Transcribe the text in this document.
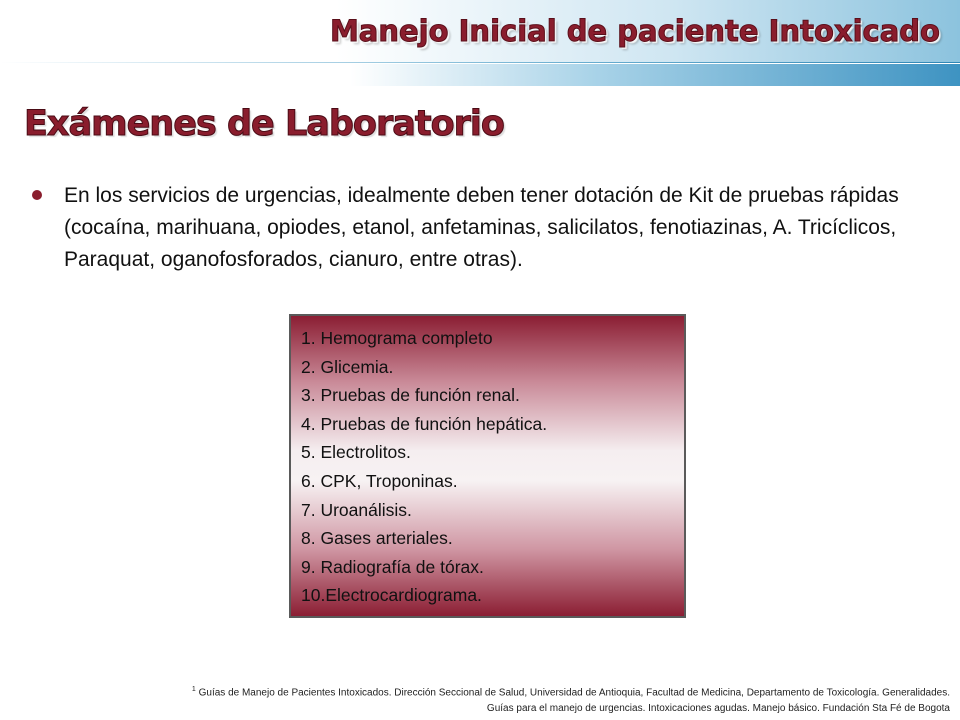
Manejo Inicial de paciente Intoxicado
Exámenes de Laboratorio
En los servicios de urgencias, idealmente deben tener dotación de Kit de pruebas rápidas (cocaína, marihuana, opiodes, etanol, anfetaminas, salicilatos, fenotiazinas, A. Tricíclicos, Paraquat, oganofosforados, cianuro, entre otras).
1. Hemograma completo
2. Glicemia.
3. Pruebas de función renal.
4. Pruebas de función hepática.
5. Electrolitos.
6. CPK, Troponinas.
7. Uroanálisis.
8. Gases arteriales.
9. Radiografía de tórax.
10.Electrocardiograma.
$^1$ Guías de Manejo de Pacientes Intoxicados. Dirección Seccional de Salud, Universidad de Antioquia, Facultad de Medicina, Departamento de Toxicología. Generalidades.
Guías para el manejo de urgencias. Intoxicaciones agudas. Manejo básico. Fundación Sta Fé de Bogota
